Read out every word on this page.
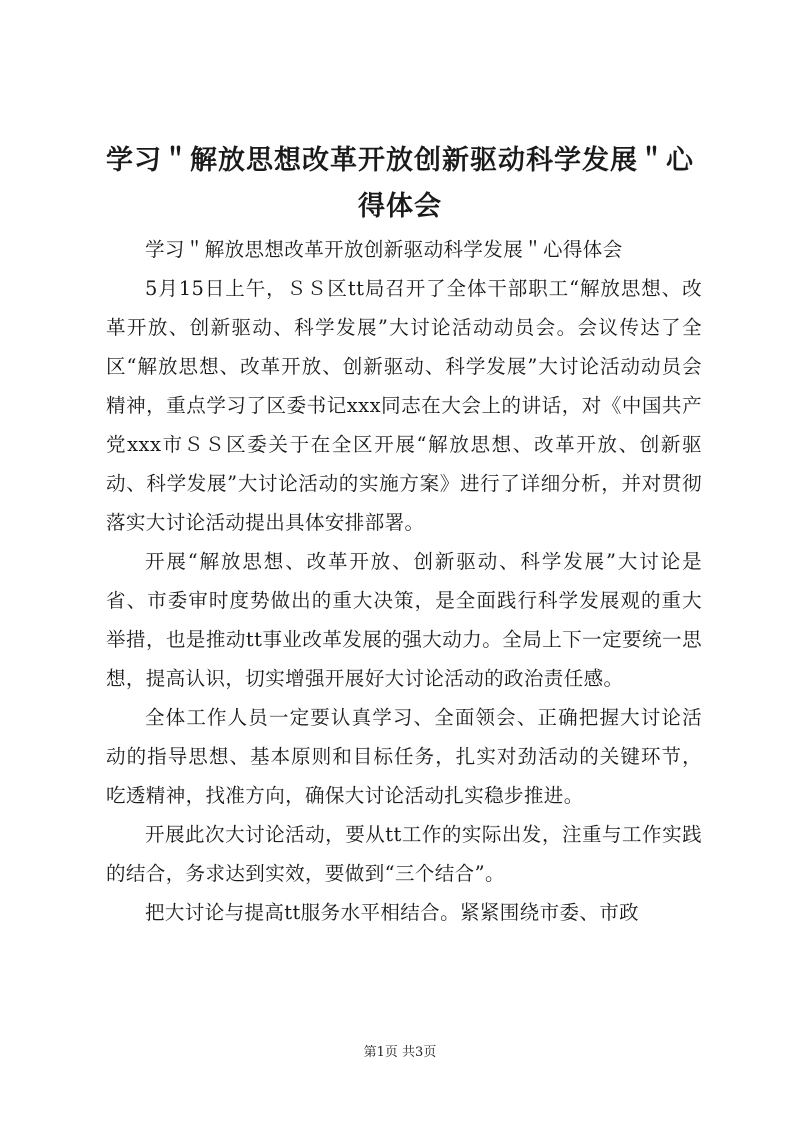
学习＂解放思想改革开放创新驱动科学发展＂心得体会

学习＂解放思想改革开放创新驱动科学发展＂心得体会

5月15日上午，ＳＳ区tt局召开了全体干部职工“解放思想、改革开放、创新驱动、科学发展”大讨论活动动员会。会议传达了全区“解放思想、改革开放、创新驱动、科学发展”大讨论活动动员会精神，重点学习了区委书记xxx同志在大会上的讲话，对《中国共产党xxx市ＳＳ区委关于在全区开展“解放思想、改革开放、创新驱动、科学发展”大讨论活动的实施方案》进行了详细分析，并对贯彻落实大讨论活动提出具体安排部署。

开展“解放思想、改革开放、创新驱动、科学发展”大讨论是省、市委审时度势做出的重大决策，是全面践行科学发展观的重大举措，也是推动tt事业改革发展的强大动力。全局上下一定要统一思想，提高认识，切实增强开展好大讨论活动的政治责任感。

全体工作人员一定要认真学习、全面领会、正确把握大讨论活动的指导思想、基本原则和目标任务，扎实对劲活动的关键环节，吃透精神，找准方向，确保大讨论活动扎实稳步推进。

开展此次大讨论活动，要从tt工作的实际出发，注重与工作实践的结合，务求达到实效，要做到“三个结合”。

把大讨论与提高tt服务水平相结合。紧紧围绕市委、市政

第1页 共3页
